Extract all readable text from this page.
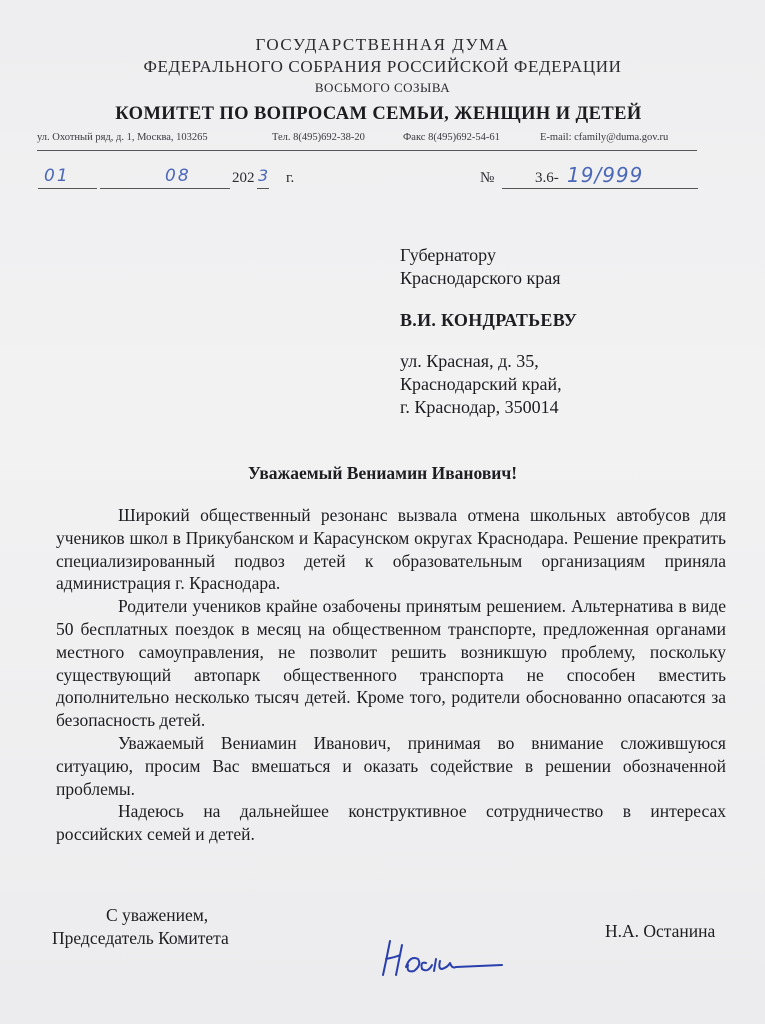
ГОСУДАРСТВЕННАЯ ДУМА
ФЕДЕРАЛЬНОГО СОБРАНИЯ РОССИЙСКОЙ ФЕДЕРАЦИИ
ВОСЬМОГО СОЗЫВА
КОМИТЕТ ПО ВОПРОСАМ СЕМЬИ, ЖЕНЩИН И ДЕТЕЙ
ул. Охотный ряд, д. 1, Москва, 103265	Тел. 8(495)692-38-20	Факс 8(495)692-54-61	E-mail: cfamily@duma.gov.ru
01	08	202 3 г.	№	3.6- 19/999
Губернатору
Краснодарского края
В.И. КОНДРАТЬЕВУ
ул. Красная, д. 35,
Краснодарский край,
г. Краснодар, 350014
Уважаемый Вениамин Иванович!

Широкий общественный резонанс вызвала отмена школьных автобусов для учеников школ в Прикубанском и Карасунском округах Краснодара. Решение прекратить специализированный подвоз детей к образовательным организациям приняла администрация г. Краснодара.

Родители учеников крайне озабочены принятым решением. Альтернатива в виде 50 бесплатных поездок в месяц на общественном транспорте, предложенная органами местного самоуправления, не позволит решить возникшую проблему, поскольку существующий автопарк общественного транспорта не способен вместить дополнительно несколько тысяч детей. Кроме того, родители обоснованно опасаются за безопасность детей.

Уважаемый Вениамин Иванович, принимая во внимание сложившуюся ситуацию, просим Вас вмешаться и оказать содействие в решении обозначенной проблемы.

Надеюсь на дальнейшее конструктивное сотрудничество в интересах российских семей и детей.

С уважением,
Председатель Комитета	Н.А. Останина
